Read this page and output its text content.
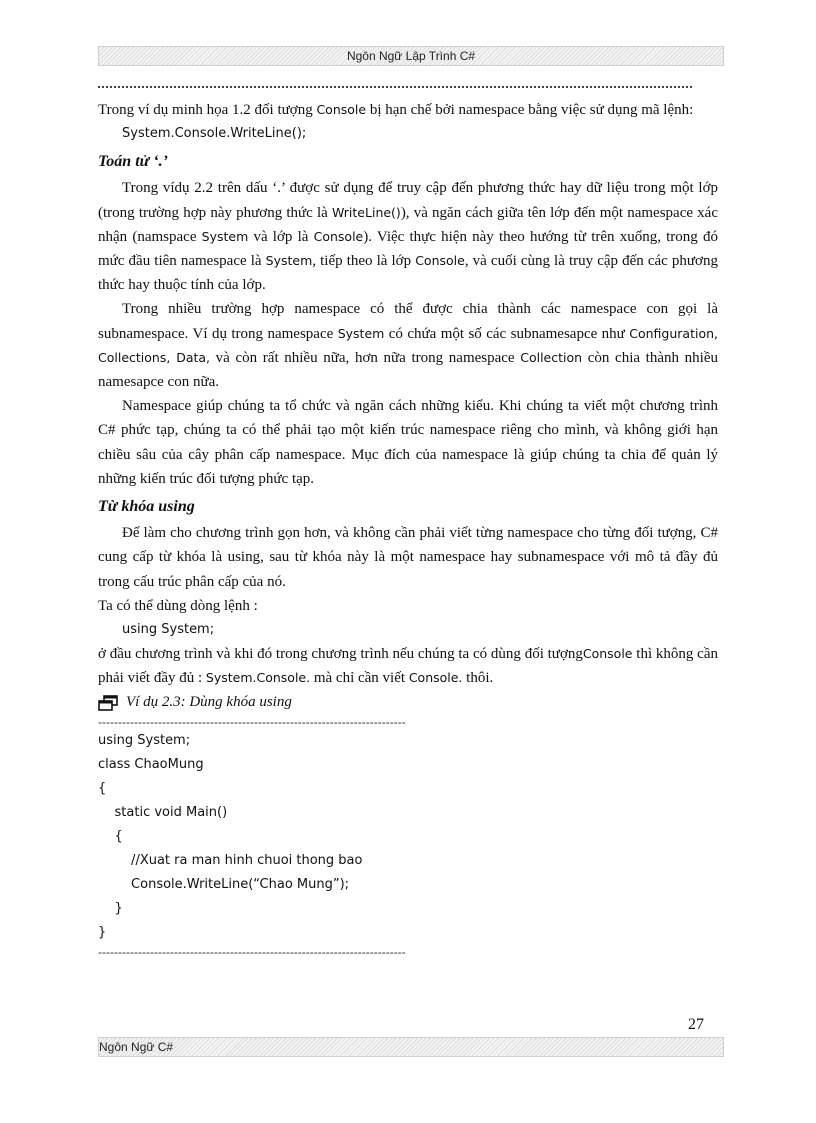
Ngôn Ngữ Lập Trình C#

Trong ví dụ minh họa 1.2 đối tượng Console bị hạn chế bởi namespace bằng việc sử dụng mã lệnh:

System.Console.WriteLine();

Toán tử ‘.’

Trong vídụ 2.2 trên dấu ‘.’ được sử dụng để truy cập đến phương thức hay dữ liệu trong một lớp (trong trường hợp này phương thức là WriteLine()), và ngăn cách giữa tên lớp đến một namespace xác nhận (namspace System và lớp là Console). Việc thực hiện này theo hướng từ trên xuống, trong đó mức đầu tiên namespace là System, tiếp theo là lớp Console, và cuối cùng là truy cập đến các phương thức hay thuộc tính của lớp.

Trong nhiều trường hợp namespace có thể được chia thành các namespace con gọi là subnamespace. Ví dụ trong namespace System có chứa một số các subnamesapce như Configuration, Collections, Data, và còn rất nhiều nữa, hơn nữa trong namespace Collection còn chia thành nhiều namesapce con nữa.

Namespace giúp chúng ta tổ chức và ngăn cách những kiểu. Khi chúng ta viết một chương trình C# phức tạp, chúng ta có thể phải tạo một kiến trúc namespace riêng cho mình, và không giới hạn chiều sâu của cây phân cấp namespace. Mục đích của namespace là giúp chúng ta chia để quản lý những kiến trúc đối tượng phức tạp.

Từ khóa using

Để làm cho chương trình gọn hơn, và không cần phải viết từng namespace cho từng đối tượng, C# cung cấp từ khóa là using, sau từ khóa này là một namespace hay subnamespace với mô tả đầy đủ trong cấu trúc phân cấp của nó.

Ta có thể dùng dòng lệnh :

using System;

ở đầu chương trình và khi đó trong chương trình nếu chúng ta có dùng đối tượngConsole thì không cần phải viết đầy đủ : System.Console. mà chỉ cần viết Console. thôi.

Ví dụ 2.3: Dùng khóa using

-----------------------------------------------------------------------------

using System;

class ChaoMung

{

static void Main()

{

//Xuat ra man hinh chuoi thong bao

Console.WriteLine(“Chao Mung”);

}

}

-----------------------------------------------------------------------------

27
Ngôn Ngữ C#
